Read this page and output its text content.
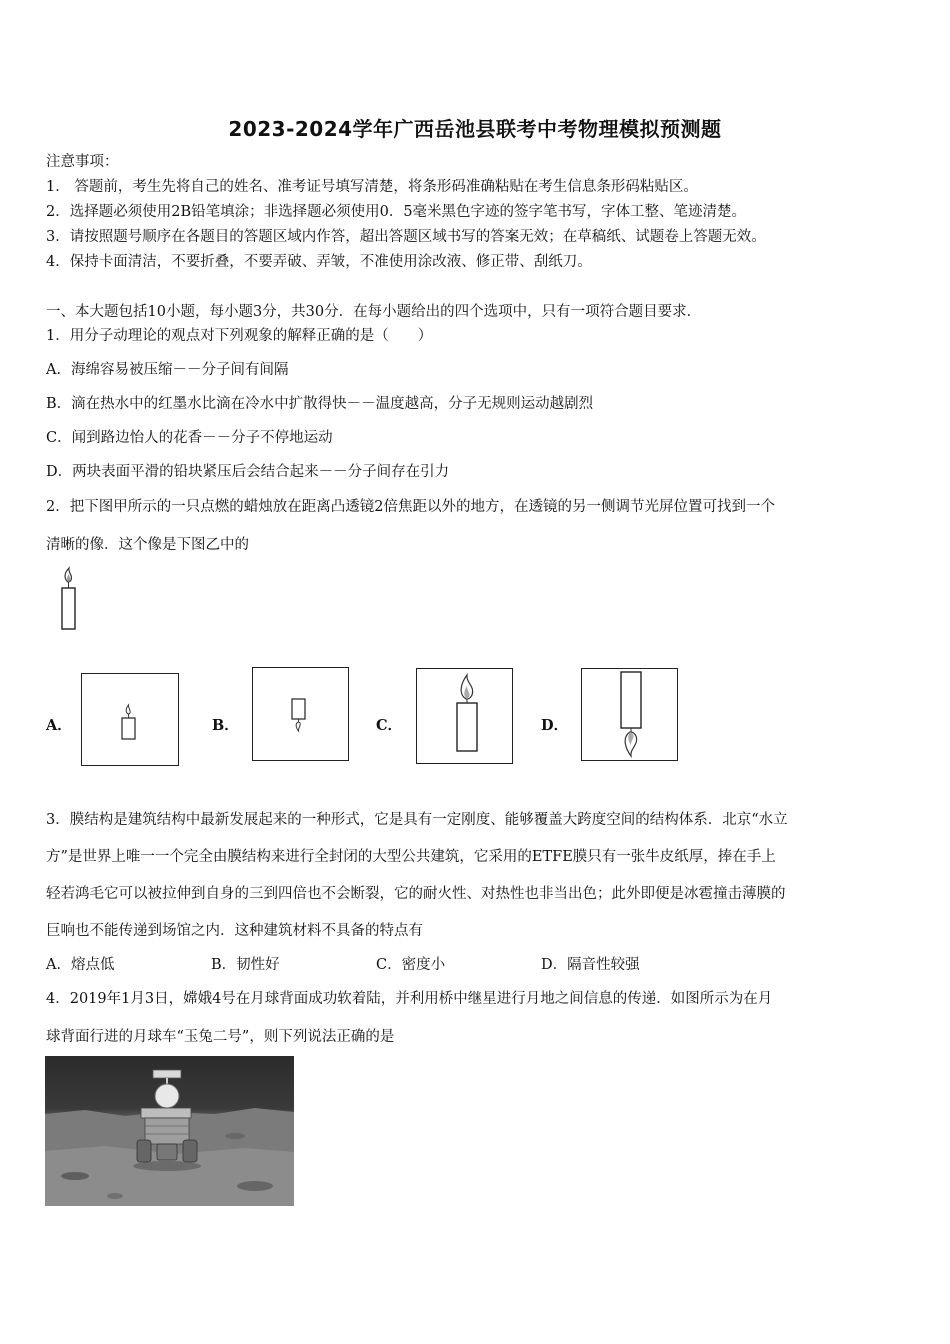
2023-2024学年广西岳池县联考中考物理模拟预测题
注意事项：
1． 答题前，考生先将自己的姓名、准考证号填写清楚，将条形码准确粘贴在考生信息条形码粘贴区。
2．选择题必须使用2B铅笔填涂；非选择题必须使用0．5毫米黑色字迹的签字笔书写，字体工整、笔迹清楚。
3．请按照题号顺序在各题目的答题区域内作答，超出答题区域书写的答案无效；在草稿纸、试题卷上答题无效。
4．保持卡面清洁，不要折叠，不要弄破、弄皱，不准使用涂改液、修正带、刮纸刀。
一、本大题包括10小题，每小题3分，共30分．在每小题给出的四个选项中，只有一项符合题目要求．
1．用分子动理论的观点对下列观象的解释正确的是（　　）
A．海绵容易被压缩－－分子间有间隔
B．滴在热水中的红墨水比滴在冷水中扩散得快－－温度越高，分子无规则运动越剧烈
C．闻到路边怡人的花香－－分子不停地运动
D．两块表面平滑的铅块紧压后会结合起来－－分子间存在引力
2．把下图甲所示的一只点燃的蜡烛放在距离凸透镜2倍焦距以外的地方，在透镜的另一侧调节光屏位置可找到一个
清晰的像．这个像是下图乙中的
A．	B．	C．	D．
3．膜结构是建筑结构中最新发展起来的一种形式，它是具有一定刚度、能够覆盖大跨度空间的结构体系．北京“水立
方”是世界上唯一一个完全由膜结构来进行全封闭的大型公共建筑，它采用的ETFE膜只有一张牛皮纸厚，捧在手上
轻若鸿毛它可以被拉伸到自身的三到四倍也不会断裂，它的耐火性、对热性也非当出色；此外即便是冰雹撞击薄膜的
巨响也不能传递到场馆之内．这种建筑材料不具备的特点有
A．熔点低	B．韧性好	C．密度小	D．隔音性较强
4．2019年1月3日，嫦娥4号在月球背面成功软着陆，并利用桥中继星进行月地之间信息的传递．如图所示为在月
球背面行进的月球车“玉兔二号”，则下列说法正确的是
